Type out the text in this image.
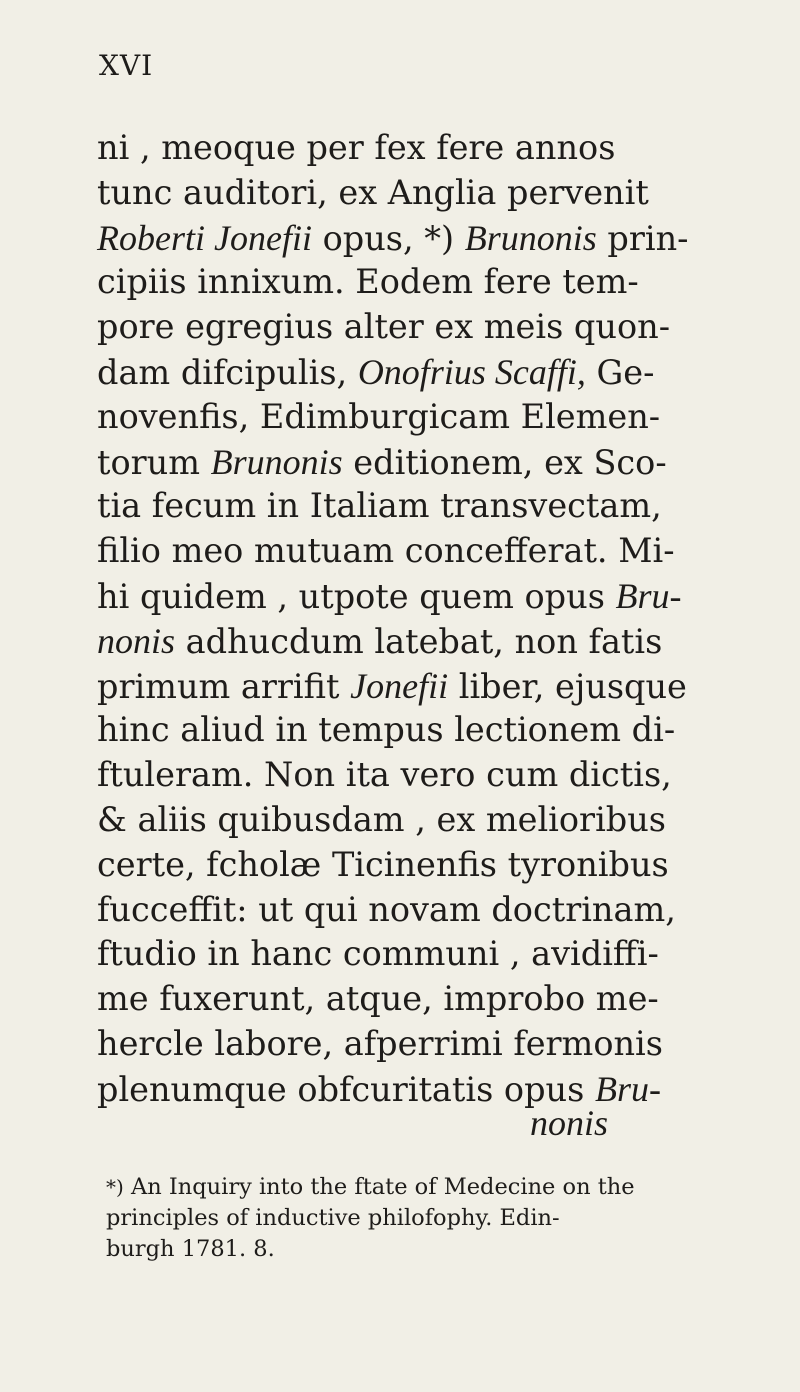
XVI
ni , meoque per fex fere annos
tunc auditori, ex Anglia pervenit
Roberti Jonefii opus, *) Brunonis prin-
cipiis innixum. Eodem fere tem-
pore egregius alter ex meis quon-
dam difcipulis, Onofrius Scaffi, Ge-
novenfis, Edimburgicam Elemen-
torum Brunonis editionem, ex Sco-
tia fecum in Italiam transvectam,
filio meo mutuam concefferat. Mi-
hi quidem , utpote quem opus Bru-
nonis adhucdum latebat, non fatis
primum arrifit Jonefii liber, ejusque
hinc aliud in tempus lectionem di-
ftuleram. Non ita vero cum dictis,
& aliis quibusdam , ex melioribus
certe, fcholæ Ticinenfis tyronibus
fucceffit: ut qui novam doctrinam,
ftudio in hanc communi , avidiffi-
me fuxerunt, atque, improbo me-
hercle labore, afperrimi fermonis
plenumque obfcuritatis opus Bru-
nonis
*) An Inquiry into the ftate of Medecine on the
principles of inductive philofophy. Edin-
burgh 1781. 8.
